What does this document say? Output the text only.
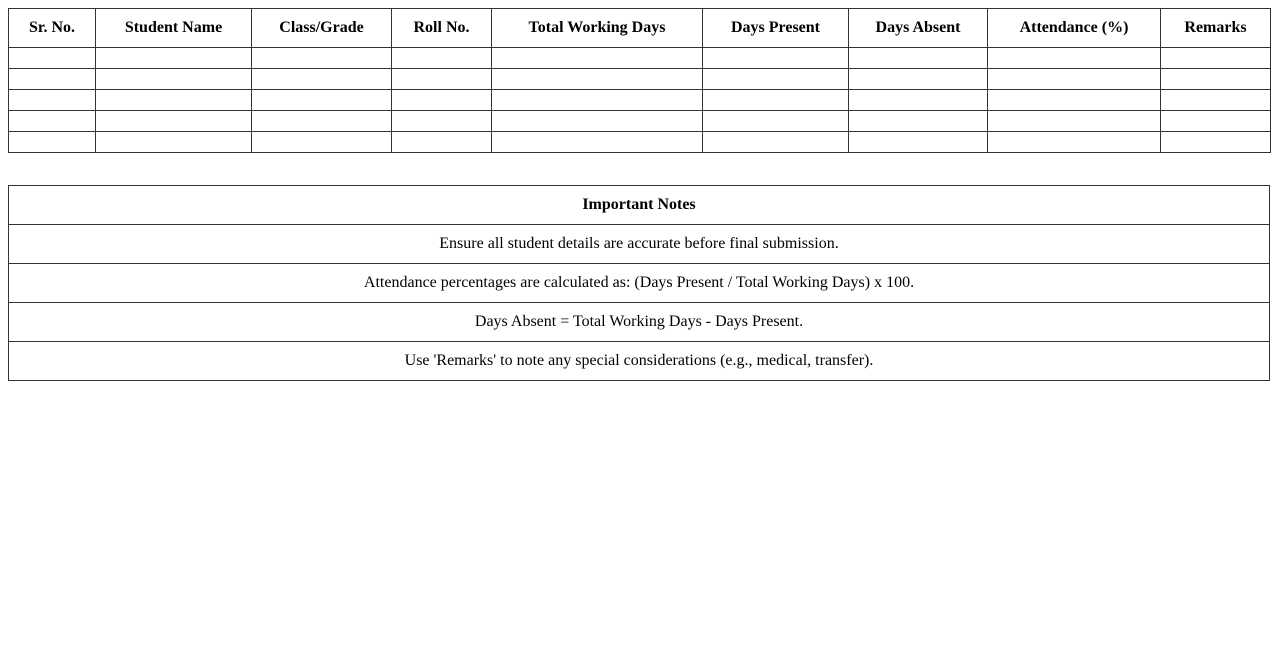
Sr. No.	Student Name	Class/Grade	Roll No.	Total Working Days	Days Present	Days Absent	Attendance (%)	Remarks

Important Notes
Ensure all student details are accurate before final submission.
Attendance percentages are calculated as: (Days Present / Total Working Days) x 100.
Days Absent = Total Working Days - Days Present.
Use 'Remarks' to note any special considerations (e.g., medical, transfer).
